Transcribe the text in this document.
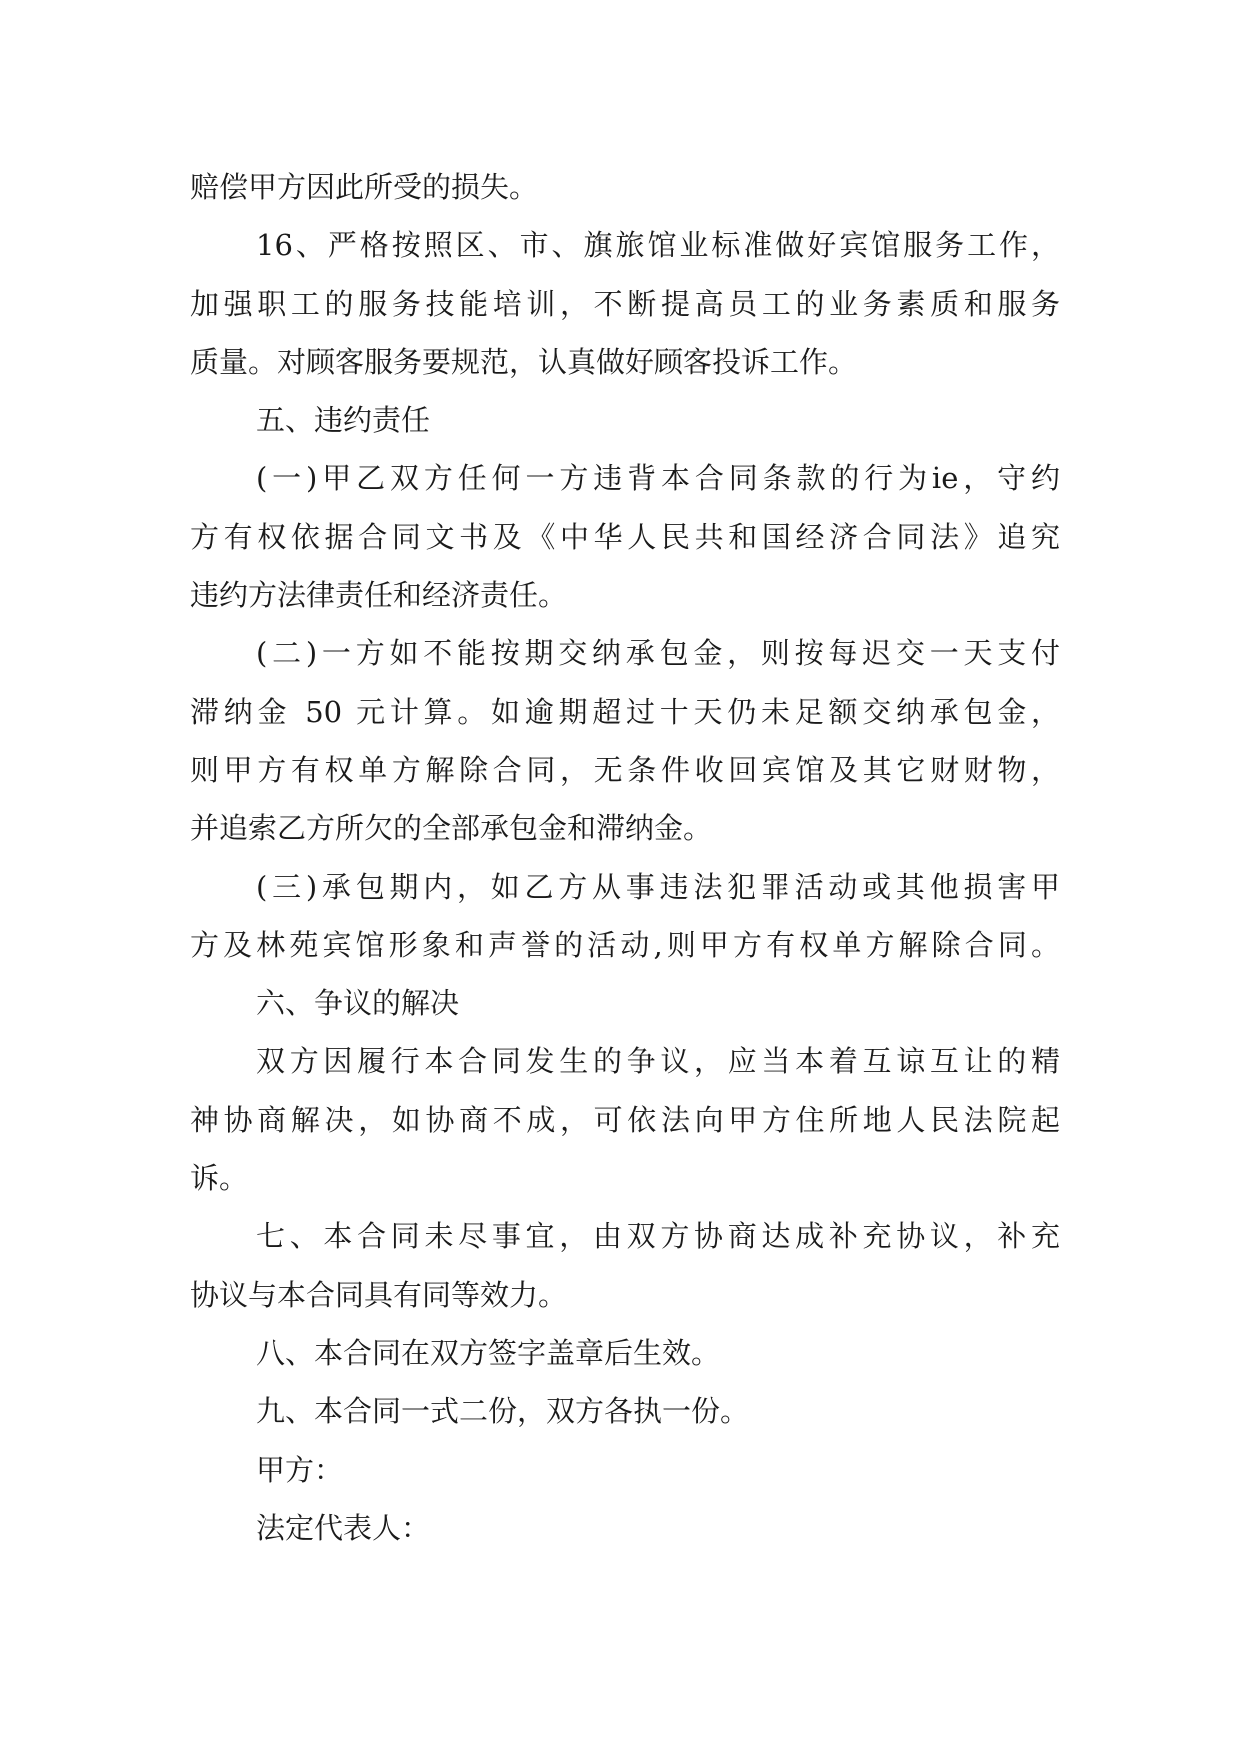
赔偿甲方因此所受的损失。
16、严格按照区、市、旗旅馆业标准做好宾馆服务工作，
加强职工的服务技能培训，不断提高员工的业务素质和服务
质量。对顾客服务要规范，认真做好顾客投诉工作。
五、违约责任
(一)甲乙双方任何一方违背本合同条款的行为ie，守约
方有权依据合同文书及《中华人民共和国经济合同法》追究
违约方法律责任和经济责任。
(二)一方如不能按期交纳承包金，则按每迟交一天支付
滞纳金 50 元计算。如逾期超过十天仍未足额交纳承包金，
则甲方有权单方解除合同，无条件收回宾馆及其它财财物，
并追索乙方所欠的全部承包金和滞纳金。
(三)承包期内，如乙方从事违法犯罪活动或其他损害甲
方及林苑宾馆形象和声誉的活动,则甲方有权单方解除合同。
六、争议的解决
双方因履行本合同发生的争议，应当本着互谅互让的精
神协商解决，如协商不成，可依法向甲方住所地人民法院起
诉。
七、本合同未尽事宜，由双方协商达成补充协议，补充
协议与本合同具有同等效力。
八、本合同在双方签字盖章后生效。
九、本合同一式二份，双方各执一份。
甲方：
法定代表人：
